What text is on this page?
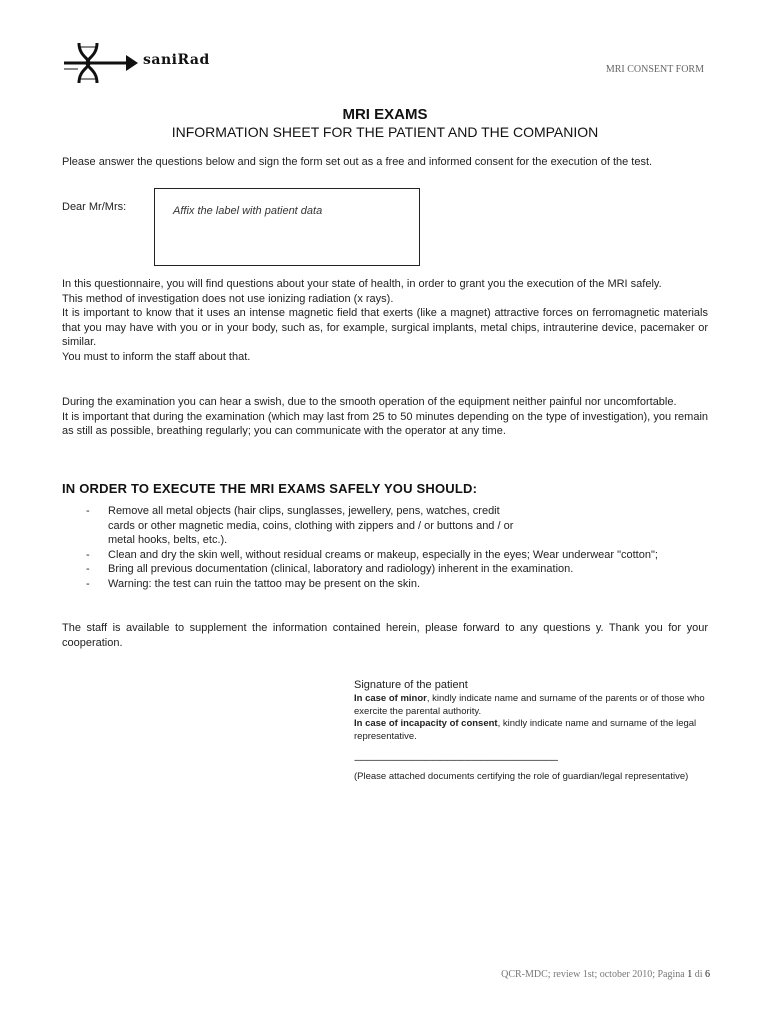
saniRad
MRI CONSENT FORM
MRI EXAMS
INFORMATION SHEET FOR THE PATIENT AND THE COMPANION
Please answer the questions below and sign the form set out as a free and informed consent for the execution of the test.
Dear Mr/Mrs:	Affix the label with patient data
In this questionnaire, you will find questions about your state of health, in order to grant you the execution of the MRI safely.
This method of investigation does not use ionizing radiation (x rays).
It is important to know that it uses an intense magnetic field that exerts (like a magnet) attractive forces on ferromagnetic materials that you may have with you or in your body, such as, for example, surgical implants, metal chips, intrauterine device, pacemaker or similar.
You must to inform the staff about that.
During the examination you can hear a swish, due to the smooth operation of the equipment neither painful nor uncomfortable.
It is important that during the examination (which may last from 25 to 50 minutes depending on the type of investigation), you remain as still as possible, breathing regularly; you can communicate with the operator at any time.
IN ORDER TO EXECUTE THE MRI EXAMS SAFELY YOU SHOULD:
-	Remove all metal objects (hair clips, sunglasses, jewellery, pens, watches, credit cards or other magnetic media, coins, clothing with zippers and / or buttons and / or metal hooks, belts, etc.).
-	Clean and dry the skin well, without residual creams or makeup, especially in the eyes; Wear underwear "cotton";
-	Bring all previous documentation (clinical, laboratory and radiology) inherent in the examination.
-	Warning: the test can ruin the tattoo may be present on the skin.
The staff is available to supplement the information contained herein, please forward to any questions y. Thank you for your cooperation.
Signature of the patient
In case of minor, kindly indicate name and surname of the parents or of those who exercite the parental authority.
In case of incapacity of consent, kindly indicate name and surname of the legal representative.
----------------------------------------------------------------------------------------------
(Please attached documents certifying the role of guardian/legal representative)
QCR-MDC; review 1st; october 2010; Pagina 1 di 6
